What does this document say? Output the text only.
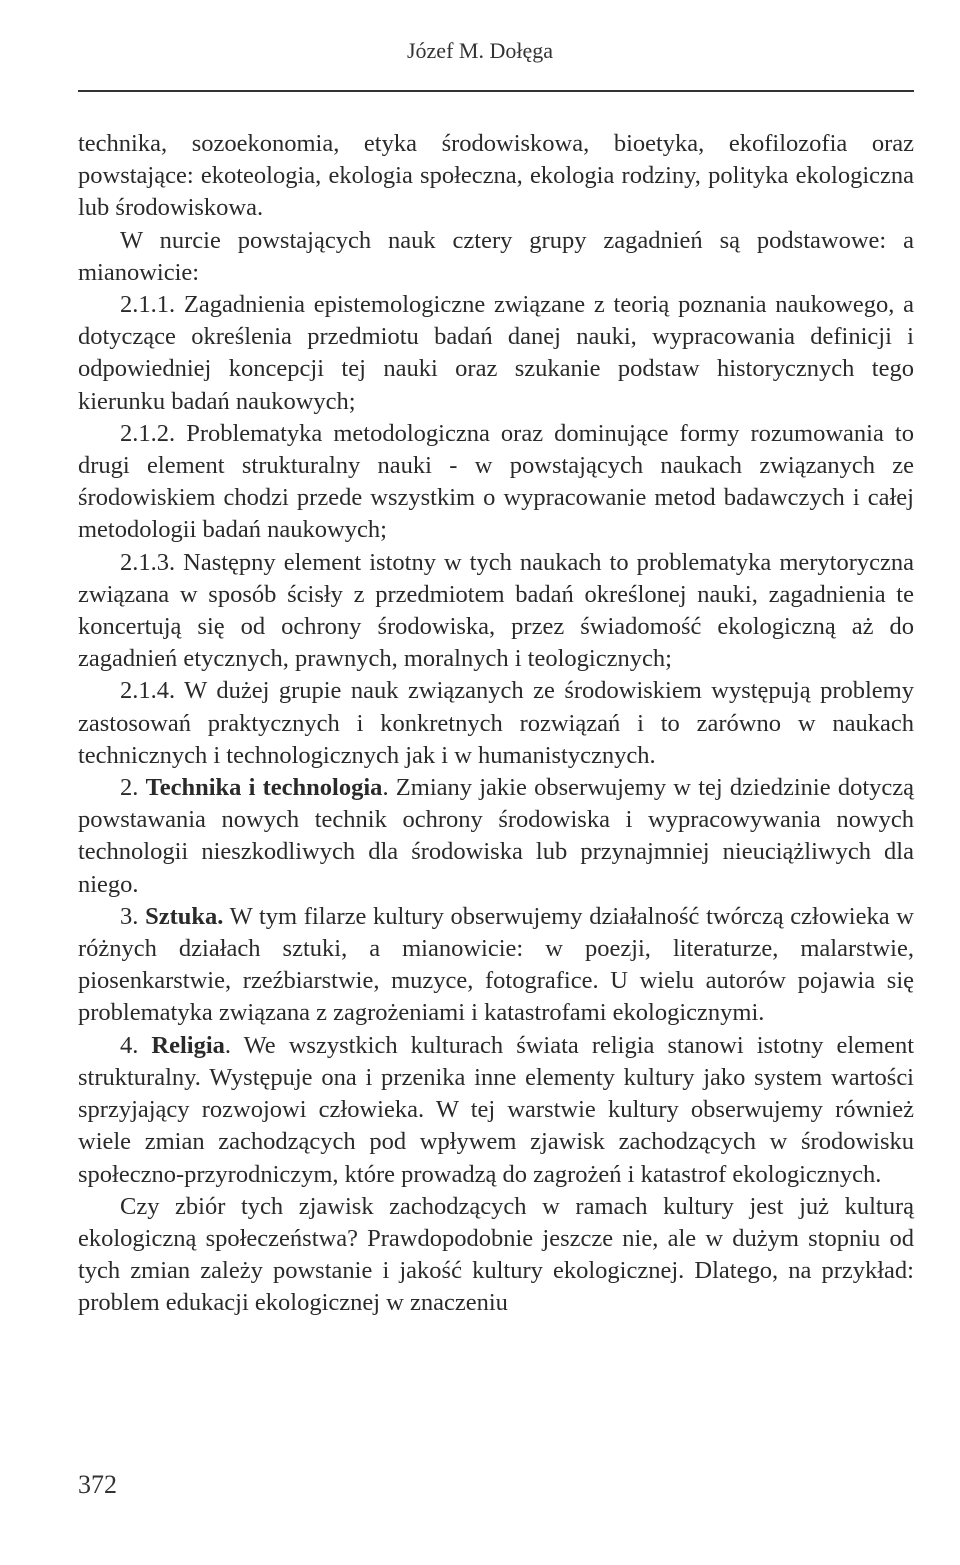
Józef M. Dołęga

technika, sozoekonomia, etyka środowiskowa, bioetyka, ekofilozofia oraz powstające: ekoteologia, ekologia społeczna, ekologia rodziny, polityka ekologiczna lub środowiskowa.

W nurcie powstających nauk cztery grupy zagadnień są podstawowe: a mianowicie:

2.1.1. Zagadnienia epistemologiczne związane z teorią poznania naukowego, a dotyczące określenia przedmiotu badań danej nauki, wypracowania definicji i odpowiedniej koncepcji tej nauki oraz szukanie podstaw historycznych tego kierunku badań naukowych;

2.1.2. Problematyka metodologiczna oraz dominujące formy rozumowania to drugi element strukturalny nauki - w powstających naukach związanych ze środowiskiem chodzi przede wszystkim o wypracowanie metod badawczych i całej metodologii badań naukowych;

2.1.3. Następny element istotny w tych naukach to problematyka merytoryczna związana w sposób ścisły z przedmiotem badań określonej nauki, zagadnienia te koncertują się od ochrony środowiska, przez świadomość ekologiczną aż do zagadnień etycznych, prawnych, moralnych i teologicznych;

2.1.4. W dużej grupie nauk związanych ze środowiskiem występują problemy zastosowań praktycznych i konkretnych rozwiązań i to zarówno w naukach technicznych i technologicznych jak i w humanistycznych.

2. Technika i technologia. Zmiany jakie obserwujemy w tej dziedzinie dotyczą powstawania nowych technik ochrony środowiska i wypracowywania nowych technologii nieszkodliwych dla środowiska lub przynajmniej nieuciążliwych dla niego.

3. Sztuka. W tym filarze kultury obserwujemy działalność twórczą człowieka w różnych działach sztuki, a mianowicie: w poezji, literaturze, malarstwie, piosenkarstwie, rzeźbiarstwie, muzyce, fotografice. U wielu autorów pojawia się problematyka związana z zagrożeniami i katastrofami ekologicznymi.

4. Religia. We wszystkich kulturach świata religia stanowi istotny element strukturalny. Występuje ona i przenika inne elementy kultury jako system wartości sprzyjający rozwojowi człowieka. W tej warstwie kultury obserwujemy również wiele zmian zachodzących pod wpływem zjawisk zachodzących w środowisku społeczno-przyrodniczym, które prowadzą do zagrożeń i katastrof ekologicznych.

Czy zbiór tych zjawisk zachodzących w ramach kultury jest już kulturą ekologiczną społeczeństwa? Prawdopodobnie jeszcze nie, ale w dużym stopniu od tych zmian zależy powstanie i jakość kultury ekologicznej. Dlatego, na przykład: problem edukacji ekologicznej w znaczeniu

372
